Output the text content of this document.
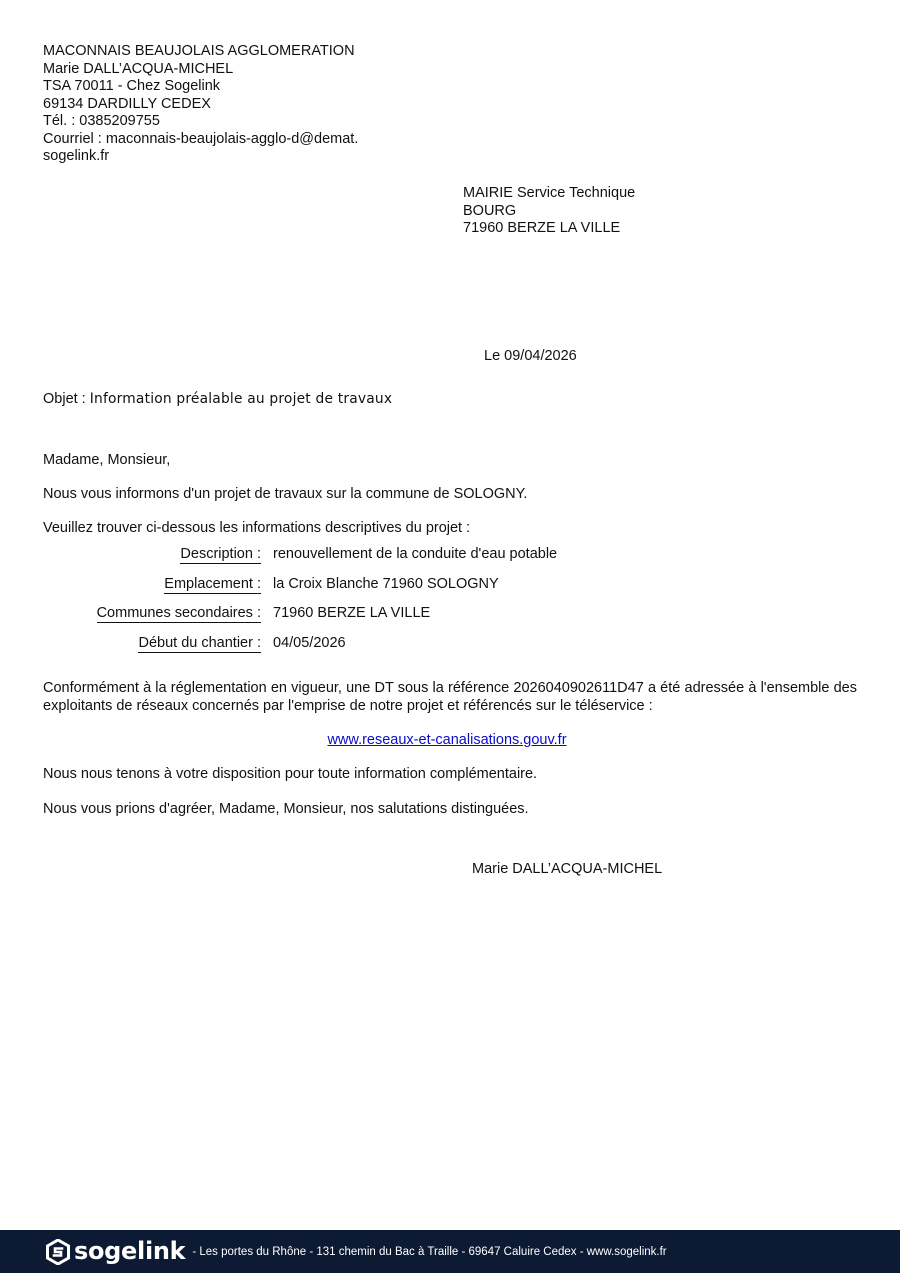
MACONNAIS BEAUJOLAIS AGGLOMERATION
Marie DALL’ACQUA-MICHEL
TSA 70011 - Chez Sogelink
69134 DARDILLY CEDEX
Tél. : 0385209755
Courriel : maconnais-beaujolais-agglo-d@demat.
sogelink.fr
MAIRIE Service Technique
BOURG
71960 BERZE LA VILLE
Le 09/04/2026
Objet : Information préalable au projet de travaux
Madame, Monsieur,
Nous vous informons d'un projet de travaux sur la commune de SOLOGNY.
Veuillez trouver ci-dessous les informations descriptives du projet :
Description : renouvellement de la conduite d'eau potable
Emplacement : la Croix Blanche 71960 SOLOGNY
Communes secondaires : 71960 BERZE LA VILLE
Début du chantier : 04/05/2026
Conformément à la réglementation en vigueur, une DT sous la référence 2026040902611D47 a été adressée à l'ensemble des exploitants de réseaux concernés par l'emprise de notre projet et référencés sur le téléservice :
www.reseaux-et-canalisations.gouv.fr
Nous nous tenons à votre disposition pour toute information complémentaire.
Nous vous prions d'agréer, Madame, Monsieur, nos salutations distinguées.
Marie DALL’ACQUA-MICHEL
sogelink - Les portes du Rhône - 131 chemin du Bac à Traille - 69647 Caluire Cedex - www.sogelink.fr
